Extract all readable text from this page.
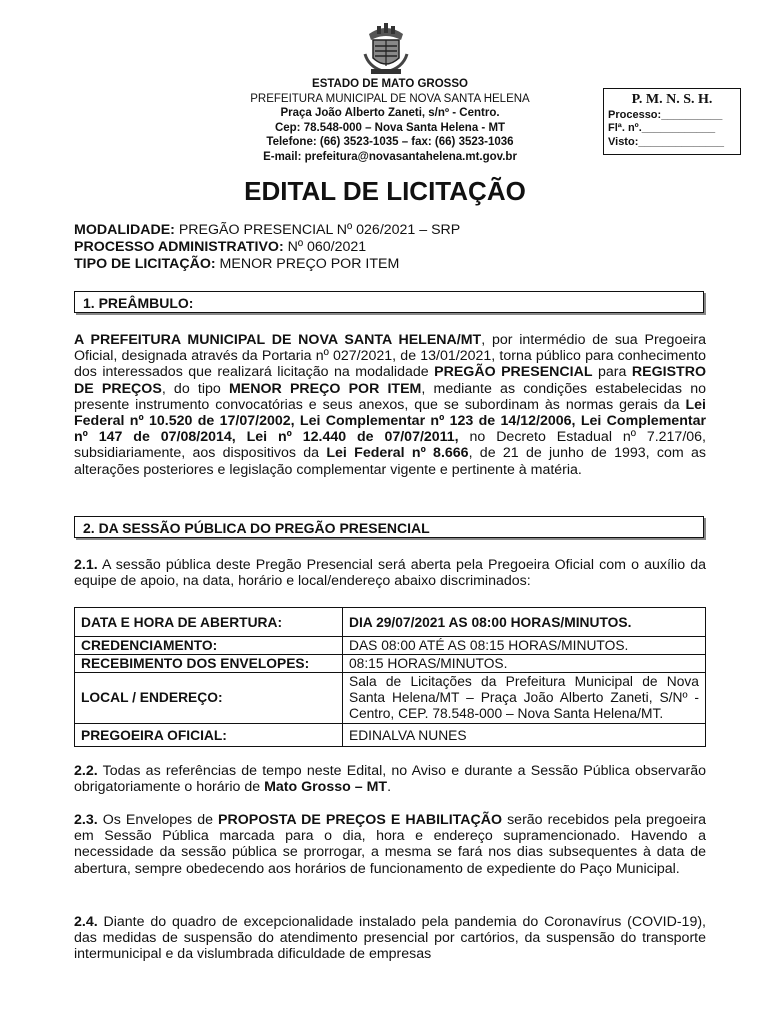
ESTADO DE MATO GROSSO
PREFEITURA MUNICIPAL DE NOVA SANTA HELENA
Praça João Alberto Zaneti, s/nº - Centro.
Cep: 78.548-000 – Nova Santa Helena - MT
Telefone: (66) 3523-1035 – fax: (66) 3523-1036
E-mail: prefeitura@novasantahelena.mt.gov.br
P. M. N. S. H.
Processo:__________
Flª. nº.____________
Visto:______________
EDITAL DE LICITAÇÃO
MODALIDADE: PREGÃO PRESENCIAL Nº 026/2021 – SRP
PROCESSO ADMINISTRATIVO: Nº 060/2021
TIPO DE LICITAÇÃO: MENOR PREÇO POR ITEM
1. PREÂMBULO:
A PREFEITURA MUNICIPAL DE NOVA SANTA HELENA/MT, por intermédio de sua Pregoeira Oficial, designada através da Portaria nº 027/2021, de 13/01/2021, torna público para conhecimento dos interessados que realizará licitação na modalidade PREGÃO PRESENCIAL para REGISTRO DE PREÇOS, do tipo MENOR PREÇO POR ITEM, mediante as condições estabelecidas no presente instrumento convocatórias e seus anexos, que se subordinam às normas gerais da Lei Federal nº 10.520 de 17/07/2002, Lei Complementar nº 123 de 14/12/2006, Lei Complementar nº 147 de 07/08/2014, Lei nº 12.440 de 07/07/2011, no Decreto Estadual nº 7.217/06, subsidiariamente, aos dispositivos da Lei Federal nº 8.666, de 21 de junho de 1993, com as alterações posteriores e legislação complementar vigente e pertinente à matéria.
2. DA SESSÃO PÚBLICA DO PREGÃO PRESENCIAL
2.1. A sessão pública deste Pregão Presencial será aberta pela Pregoeira Oficial com o auxílio da equipe de apoio, na data, horário e local/endereço abaixo discriminados:
DATA E HORA DE ABERTURA:	DIA 29/07/2021 AS 08:00 HORAS/MINUTOS.
CREDENCIAMENTO:	DAS 08:00 ATÉ AS 08:15 HORAS/MINUTOS.
RECEBIMENTO DOS ENVELOPES:	08:15 HORAS/MINUTOS.
LOCAL / ENDEREÇO:	Sala de Licitações da Prefeitura Municipal de Nova Santa Helena/MT – Praça João Alberto Zaneti, S/Nº - Centro, CEP. 78.548-000 – Nova Santa Helena/MT.
PREGOEIRA OFICIAL:	EDINALVA NUNES
2.2. Todas as referências de tempo neste Edital, no Aviso e durante a Sessão Pública observarão obrigatoriamente o horário de Mato Grosso – MT.
2.3. Os Envelopes de PROPOSTA DE PREÇOS E HABILITAÇÃO serão recebidos pela pregoeira em Sessão Pública marcada para o dia, hora e endereço supramencionado. Havendo a necessidade da sessão pública se prorrogar, a mesma se fará nos dias subsequentes à data de abertura, sempre obedecendo aos horários de funcionamento de expediente do Paço Municipal.
2.4. Diante do quadro de excepcionalidade instalado pela pandemia do Coronavírus (COVID-19), das medidas de suspensão do atendimento presencial por cartórios, da suspensão do transporte intermunicipal e da vislumbrada dificuldade de empresas
